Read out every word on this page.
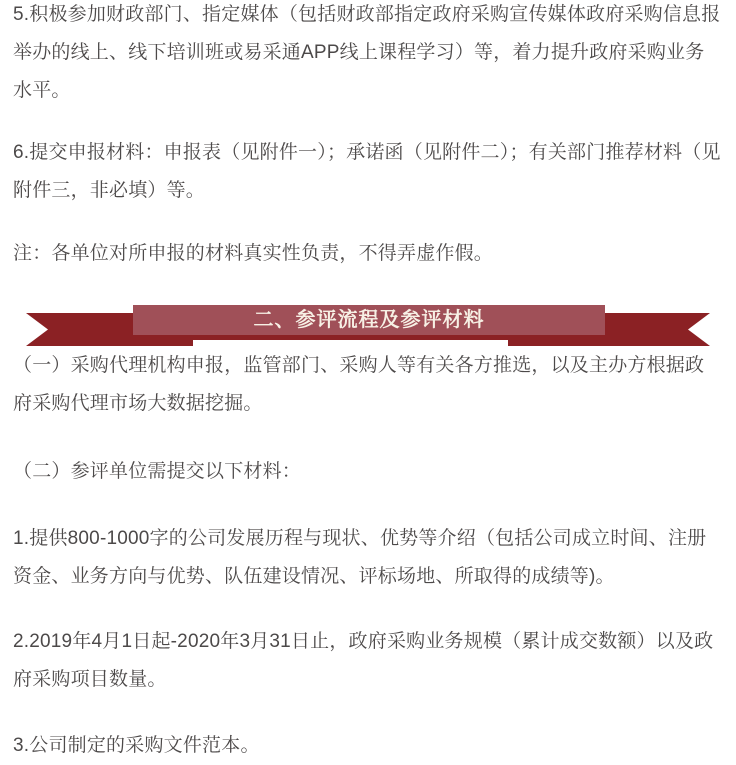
5.积极参加财政部门、指定媒体（包括财政部指定政府采购宣传媒体政府采购信息报举办的线上、线下培训班或易采通APP线上课程学习）等，着力提升政府采购业务水平。

6.提交申报材料：申报表（见附件一）；承诺函（见附件二）；有关部门推荐材料（见附件三，非必填）等。

注：各单位对所申报的材料真实性负责，不得弄虚作假。

二、参评流程及参评材料

（一）采购代理机构申报，监管部门、采购人等有关各方推选，以及主办方根据政府采购代理市场大数据挖掘。

（二）参评单位需提交以下材料：

1.提供800-1000字的公司发展历程与现状、优势等介绍（包括公司成立时间、注册资金、业务方向与优势、队伍建设情况、评标场地、所取得的成绩等)。

2.2019年4月1日起-2020年3月31日止，政府采购业务规模（累计成交数额）以及政府采购项目数量。

3.公司制定的采购文件范本。
